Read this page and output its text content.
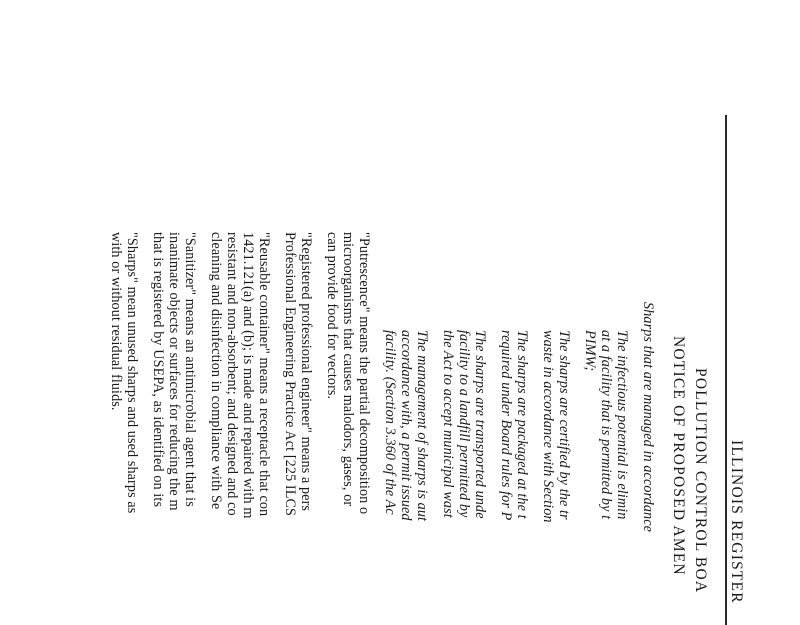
ILLINOIS REGISTER
POLLUTION CONTROL BOA
NOTICE OF PROPOSED AMEN
Sharps that are managed in accordance
The infectious potential is elimin
at a facility that is permitted by t
PIMW;
The sharps are certified by the tr
waste in accordance with Section
The sharps are packaged at the t
required under Board rules for P
The sharps are transported unde
facility to a landfill permitted by
the Act to accept municipal wast
The management of sharps is aut
accordance with, a permit issued
facility. (Section 3.360 of the Ac
"Putrescence" means the partial decomposition o
microorganisms that causes malodors, gases, or
can provide food for vectors.
"Registered professional engineer" means a pers
Professional Engineering Practice Act [225 ILCS
"Reusable container" means a receptacle that con
1421.121(a) and (b); is made and repaired with m
resistant and non-absorbent; and designed and co
cleaning and disinfection in compliance with Se
"Sanitizer" means an antimicrobial agent that is
inanimate objects or surfaces for reducing the m
that is registered by USEPA, as identified on its
"Sharps" mean unused sharps and used sharps as
with or without residual fluids.
